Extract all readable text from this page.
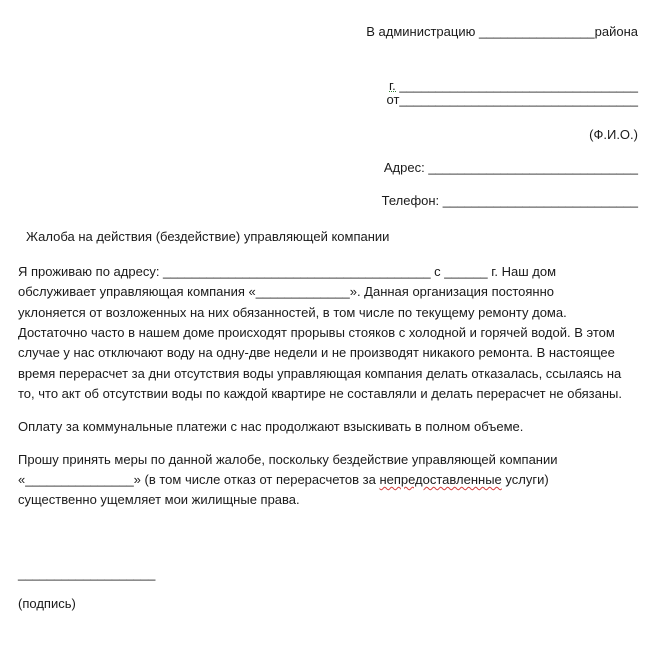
В администрацию ________________района

г. _________________________________

от_________________________________
(Ф.И.О.)
Адрес: _____________________________
Телефон: ___________________________
Жалоба на действия (бездействие) управляющей компании
Я проживаю по адресу: _____________________________________ с ______ г. Наш дом
обслуживает управляющая компания «_____________». Данная организация постоянно
уклоняется от возложенных на них обязанностей, в том числе по текущему ремонту дома.
Достаточно часто в нашем доме происходят прорывы стояков с холодной и горячей водой. В этом
случае у нас отключают воду на одну-две недели и не производят никакого ремонта. В настоящее
время перерасчет за дни отсутствия воды управляющая компания делать отказалась, ссылаясь на
то, что акт об отсутствии воды по каждой квартире не составляли и делать перерасчет не обязаны.
Оплату за коммунальные платежи с нас продолжают взыскивать в полном объеме.
Прошу принять меры по данной жалобе, поскольку бездействие управляющей компании
«_______________» (в том числе отказ от перерасчетов за непредоставленные услуги)
существенно ущемляет мои жилищные права.
___________________
(подпись)
